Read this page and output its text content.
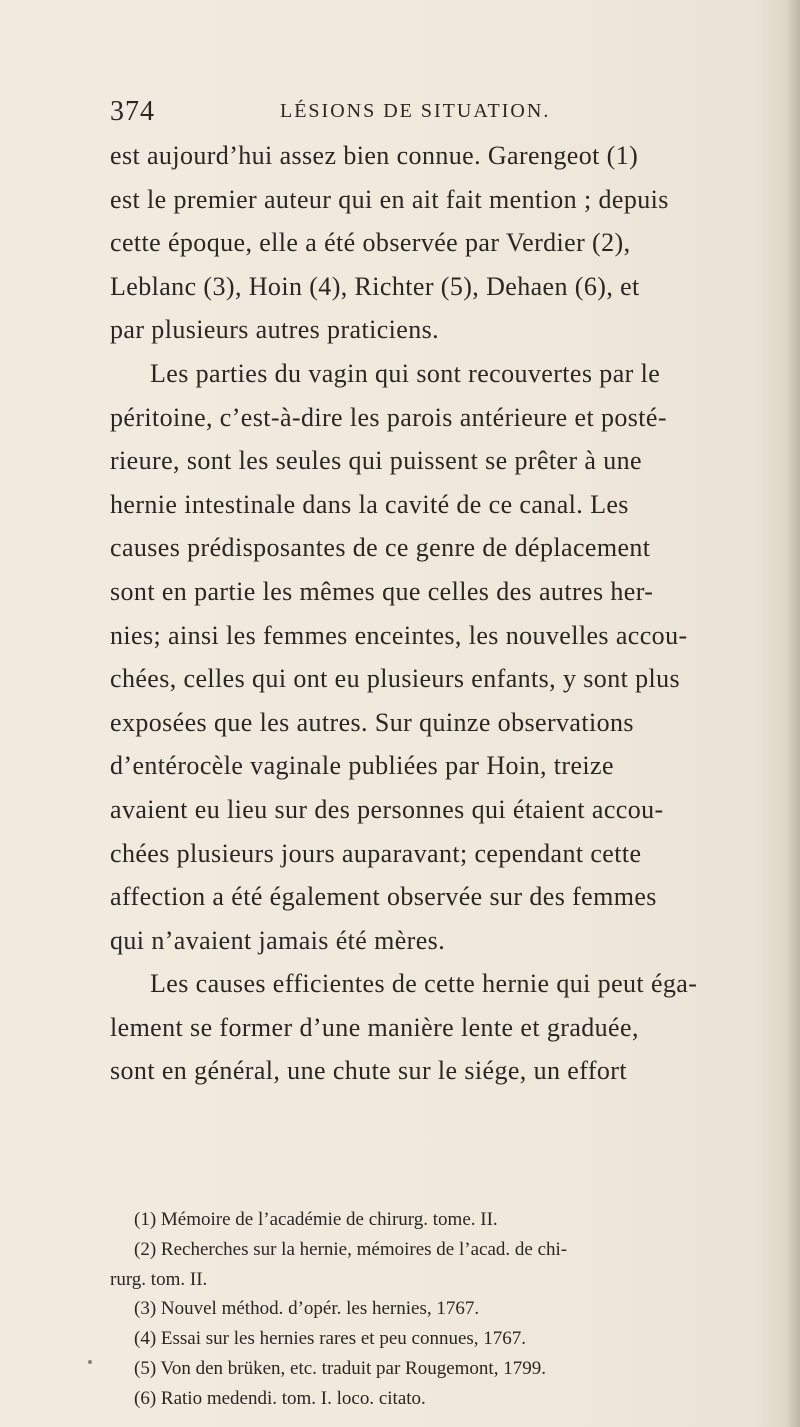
374	LÉSIONS DE SITUATION.
est aujourd’hui assez bien connue. Garengeot (1)
est le premier auteur qui en ait fait mention ; depuis
cette époque, elle a été observée par Verdier (2),
Leblanc (3), Hoin (4), Richter (5), Dehaen (6), et
par plusieurs autres praticiens.
Les parties du vagin qui sont recouvertes par le
péritoine, c’est-à-dire les parois antérieure et posté-
rieure, sont les seules qui puissent se prêter à une
hernie intestinale dans la cavité de ce canal. Les
causes prédisposantes de ce genre de déplacement
sont en partie les mêmes que celles des autres her-
nies; ainsi les femmes enceintes, les nouvelles accou-
chées, celles qui ont eu plusieurs enfants, y sont plus
exposées que les autres. Sur quinze observations
d’entérocèle vaginale publiées par Hoin, treize
avaient eu lieu sur des personnes qui étaient accou-
chées plusieurs jours auparavant; cependant cette
affection a été également observée sur des femmes
qui n’avaient jamais été mères.
Les causes efficientes de cette hernie qui peut éga-
lement se former d’une manière lente et graduée,
sont en général, une chute sur le siége, un effort
(1) Mémoire de l’académie de chirurg. tome. II.
(2) Recherches sur la hernie, mémoires de l’acad. de chi-
rurg. tom. II.
(3) Nouvel méthod. d’opér. les hernies, 1767.
(4) Essai sur les hernies rares et peu connues, 1767.
(5) Von den brüken, etc. traduit par Rougemont, 1799.
(6) Ratio medendi. tom. I. loco. citato.
